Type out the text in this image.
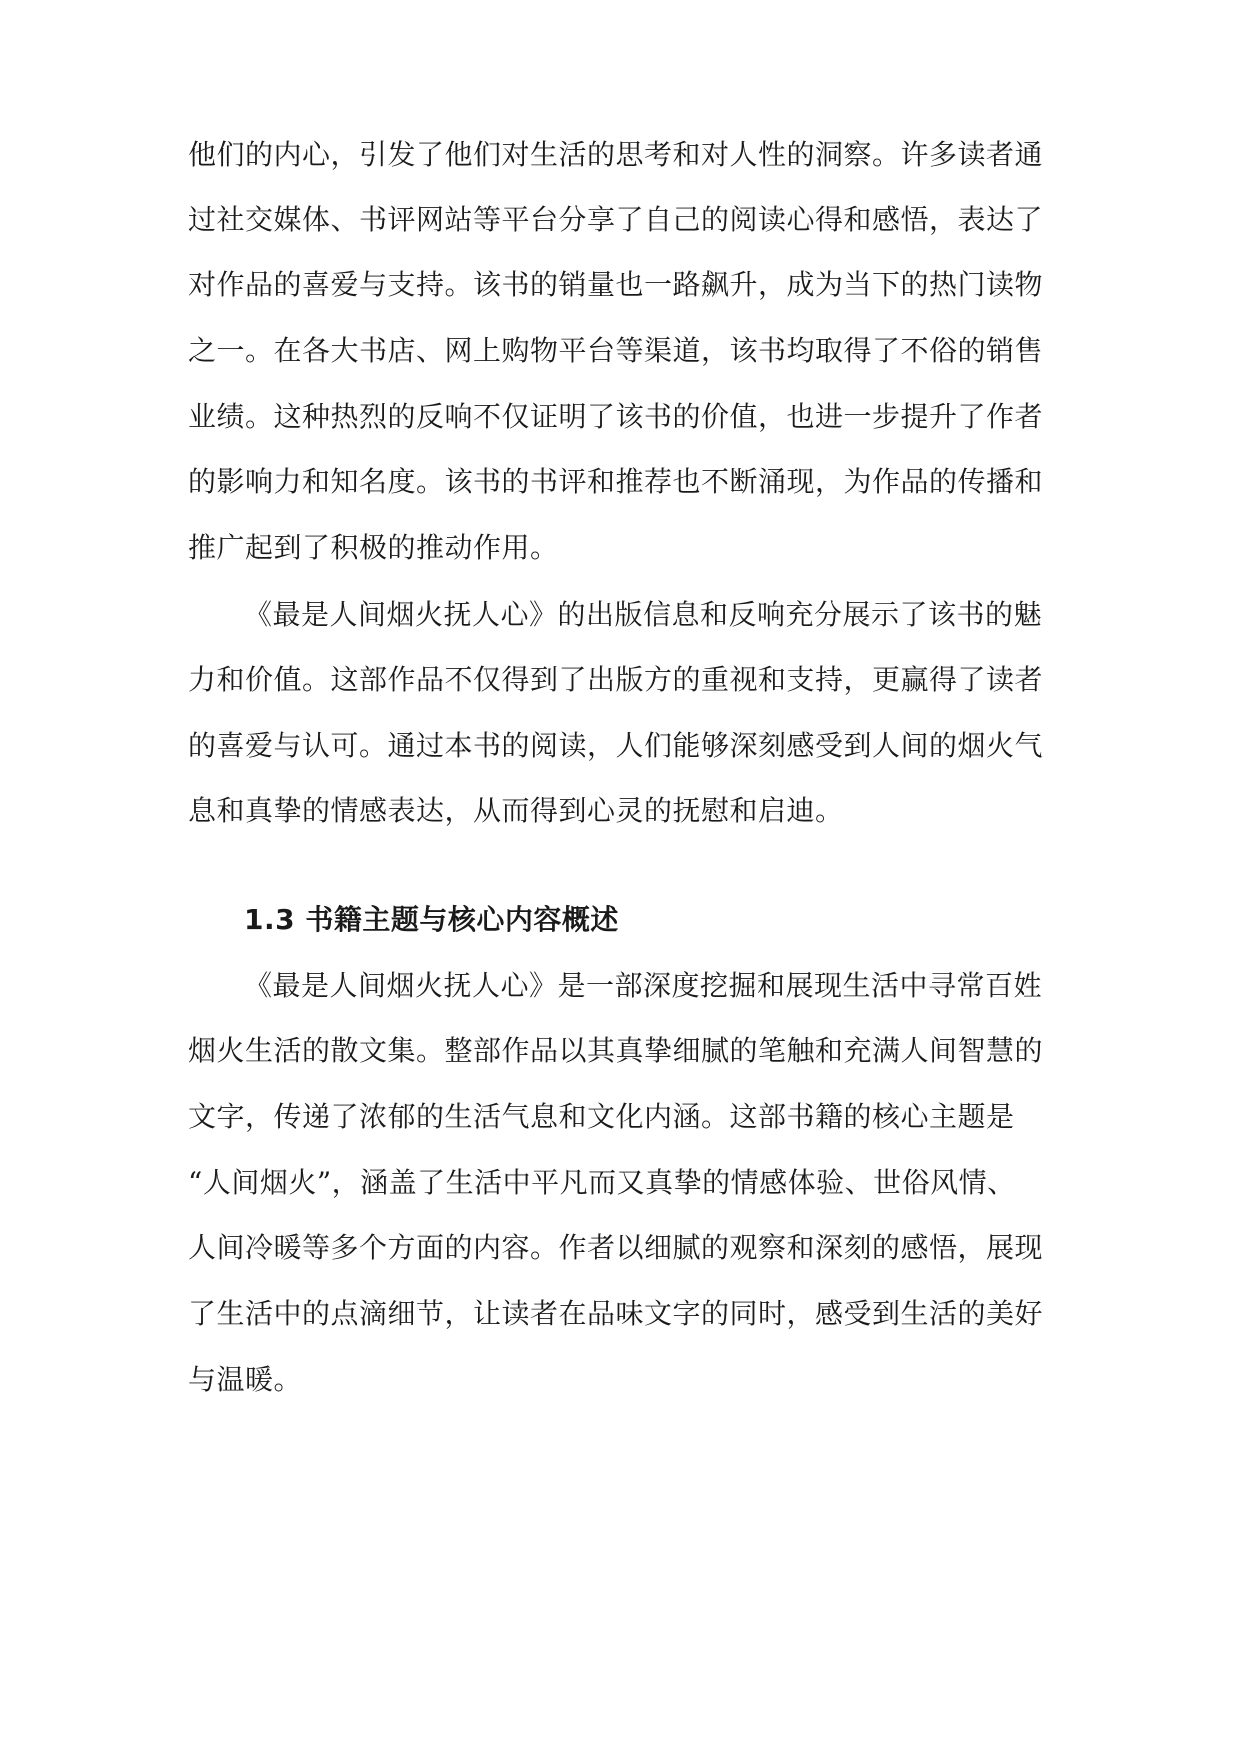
他们的内心，引发了他们对生活的思考和对人性的洞察。许多读者通
过社交媒体、书评网站等平台分享了自己的阅读心得和感悟，表达了
对作品的喜爱与支持。该书的销量也一路飙升，成为当下的热门读物
之一。在各大书店、网上购物平台等渠道，该书均取得了不俗的销售
业绩。这种热烈的反响不仅证明了该书的价值，也进一步提升了作者
的影响力和知名度。该书的书评和推荐也不断涌现，为作品的传播和
推广起到了积极的推动作用。
《最是人间烟火抚人心》的出版信息和反响充分展示了该书的魅
力和价值。这部作品不仅得到了出版方的重视和支持，更赢得了读者
的喜爱与认可。通过本书的阅读，人们能够深刻感受到人间的烟火气
息和真挚的情感表达，从而得到心灵的抚慰和启迪。
1.3 书籍主题与核心内容概述
《最是人间烟火抚人心》是一部深度挖掘和展现生活中寻常百姓
烟火生活的散文集。整部作品以其真挚细腻的笔触和充满人间智慧的
文字，传递了浓郁的生活气息和文化内涵。这部书籍的核心主题是
“人间烟火”，涵盖了生活中平凡而又真挚的情感体验、世俗风情、
人间冷暖等多个方面的内容。作者以细腻的观察和深刻的感悟，展现
了生活中的点滴细节，让读者在品味文字的同时，感受到生活的美好
与温暖。
